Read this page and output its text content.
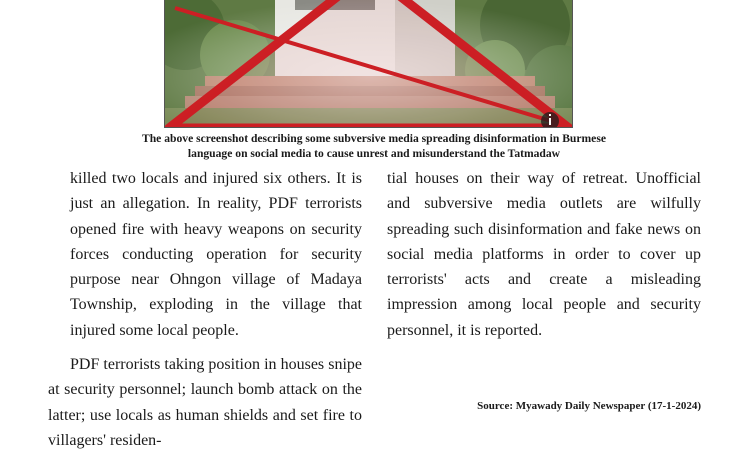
The above screenshot describing some subversive media spreading disinformation in Burmese
language on social media to cause unrest and misunderstand the Tatmadaw

killed two locals and injured six others. It is just an allegation. In reality, PDF terrorists opened fire with heavy weapons on security forces conducting operation for security purpose near Ohngon village of Madaya Township, exploding in the village that injured some local people.

PDF terrorists taking position in houses snipe at security personnel; launch bomb attack on the latter; use locals as human shields and set fire to villagers' residen-

tial houses on their way of retreat. Unofficial and subversive media outlets are wilfully spreading such disinformation and fake news on social media platforms in order to cover up terrorists' acts and create a misleading impression among local people and security personnel, it is reported.

Source: Myawady Daily Newspaper (17-1-2024)
